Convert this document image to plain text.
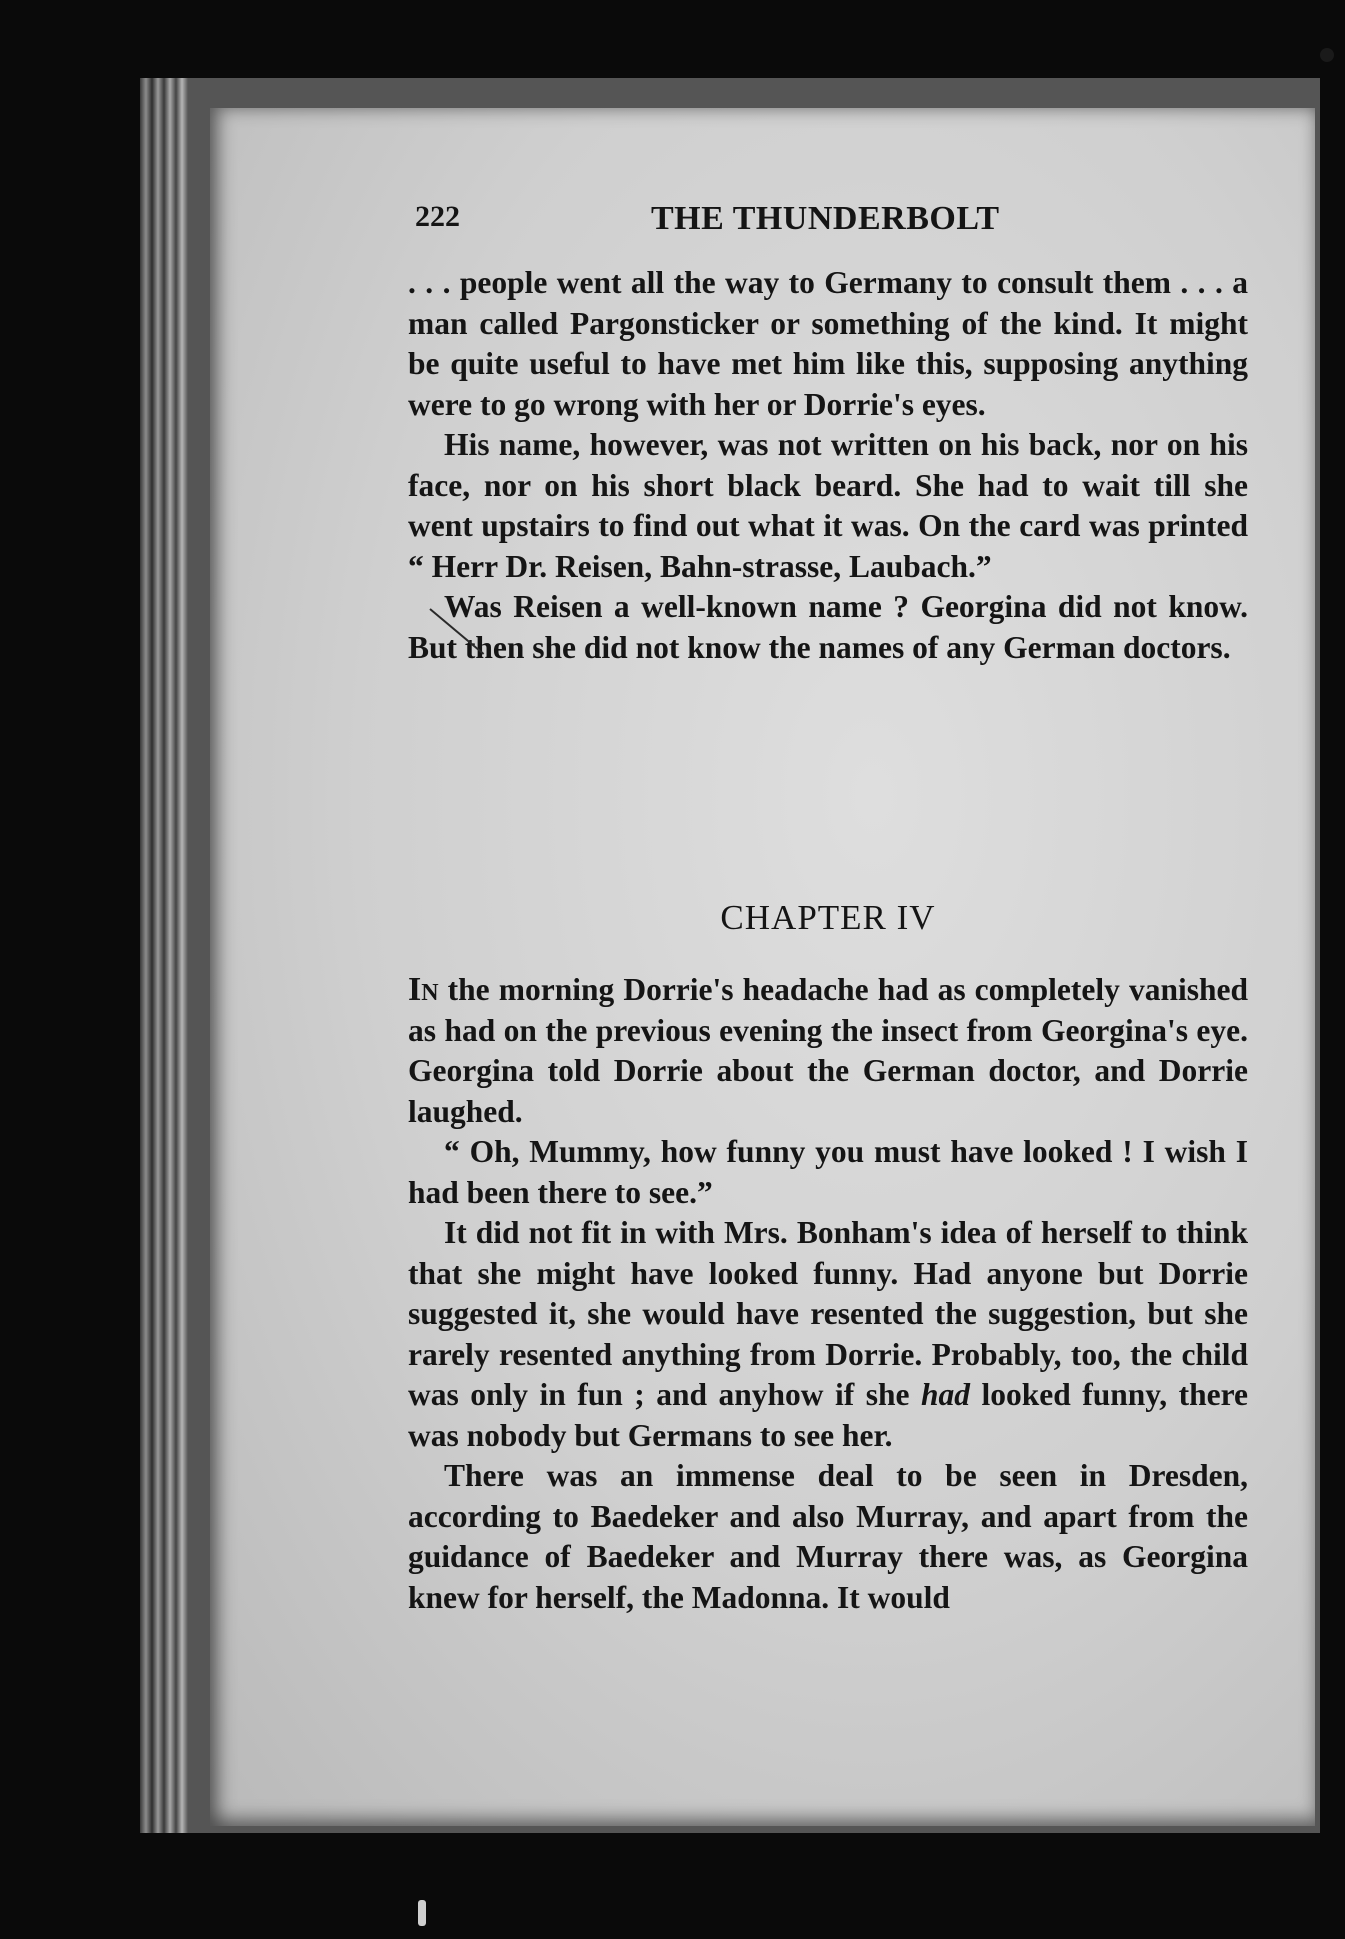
222	THE THUNDERBOLT

. . . people went all the way to Germany to consult them . . . a man called Pargonsticker or something of the kind. It might be quite useful to have met him like this, supposing anything were to go wrong with her or Dorrie's eyes.

His name, however, was not written on his back, nor on his face, nor on his short black beard. She had to wait till she went upstairs to find out what it was. On the card was printed “ Herr Dr. Reisen, Bahn-strasse, Laubach.”

Was Reisen a well-known name ? Georgina did not know. But then she did not know the names of any German doctors.

CHAPTER IV

In the morning Dorrie's headache had as completely vanished as had on the previous evening the insect from Georgina's eye. Georgina told Dorrie about the German doctor, and Dorrie laughed.

“ Oh, Mummy, how funny you must have looked ! I wish I had been there to see.”

It did not fit in with Mrs. Bonham's idea of herself to think that she might have looked funny. Had anyone but Dorrie suggested it, she would have resented the suggestion, but she rarely resented anything from Dorrie. Probably, too, the child was only in fun ; and anyhow if she had looked funny, there was nobody but Germans to see her.

There was an immense deal to be seen in Dresden, according to Baedeker and also Murray, and apart from the guidance of Baedeker and Murray there was, as Georgina knew for herself, the Madonna. It would
